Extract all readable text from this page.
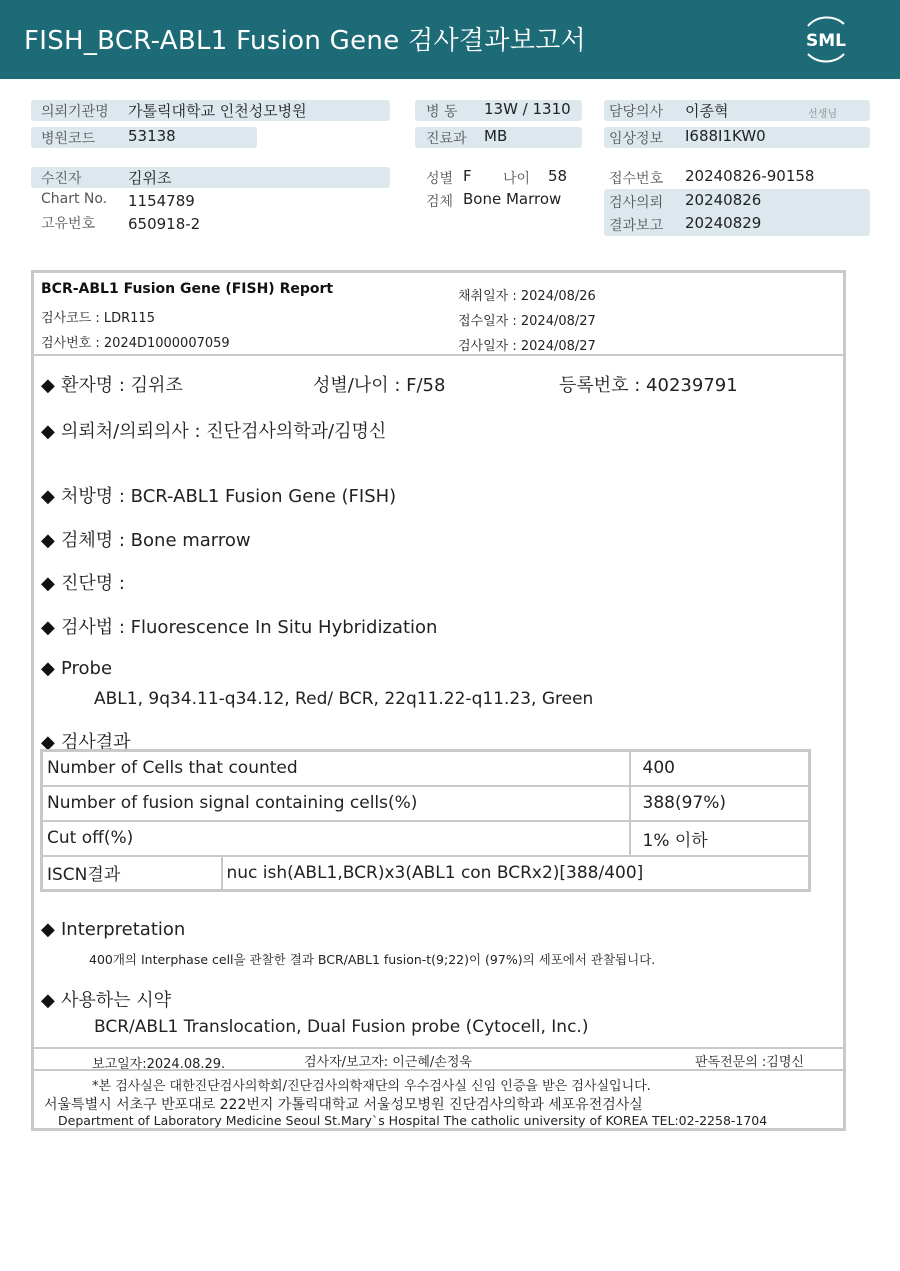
FISH_BCR-ABL1 Fusion Gene 검사결과보고서	SML
의뢰기관명 가톨릭대학교 인천성모병원
병원코드 53138
병 동 13W / 1310
진료과 MB
담당의사 이종혁	선생님
임상정보 I688I1KW0
수진자	김위조
Chart No. 1154789
고유번호 650918-2
성별 F 나이 58
검체 Bone Marrow
접수번호 20240826-90158
검사의뢰 20240826
결과보고 20240829
BCR-ABL1 Fusion Gene (FISH) Report
검사코드 : LDR115
검사번호 : 2024D1000007059
채취일자 : 2024/08/26
접수일자 : 2024/08/27
검사일자 : 2024/08/27
◆ 환자명 : 김위조	성별/나이 : F/58	등록번호 : 40239791
◆ 의뢰처/의뢰의사 : 진단검사의학과/김명신
◆ 처방명 : BCR-ABL1 Fusion Gene (FISH)
◆ 검체명 : Bone marrow
◆ 진단명 :
◆ 검사법 : Fluorescence In Situ Hybridization
◆ Probe
ABL1, 9q34.11-q34.12, Red/ BCR, 22q11.22-q11.23, Green
◆ 검사결과
Number of Cells that counted		400
Number of fusion signal containing cells(%)		388(97%)
Cut off(%)		1% 이하
ISCN결과	nuc ish(ABL1,BCR)x3(ABL1 con BCRx2)[388/400]	
◆ Interpretation
400개의 Interphase cell을 관찰한 결과 BCR/ABL1 fusion-t(9;22)이 (97%)의 세포에서 관찰됩니다.
◆ 사용하는 시약
BCR/ABL1 Translocation, Dual Fusion probe (Cytocell, Inc.)
보고일자:2024.08.29.	검사자/보고자: 이근혜/손정욱	판독전문의 :김명신
*본 검사실은 대한진단검사의학회/진단검사의학재단의 우수검사실 신임 인증을 받은 검사실입니다.
서울특별시 서초구 반포대로 222번지 가톨릭대학교 서울성모병원 진단검사의학과 세포유전검사실
Department of Laboratory Medicine Seoul St.Mary`s Hospital The catholic university of KOREA TEL:02-2258-1704
